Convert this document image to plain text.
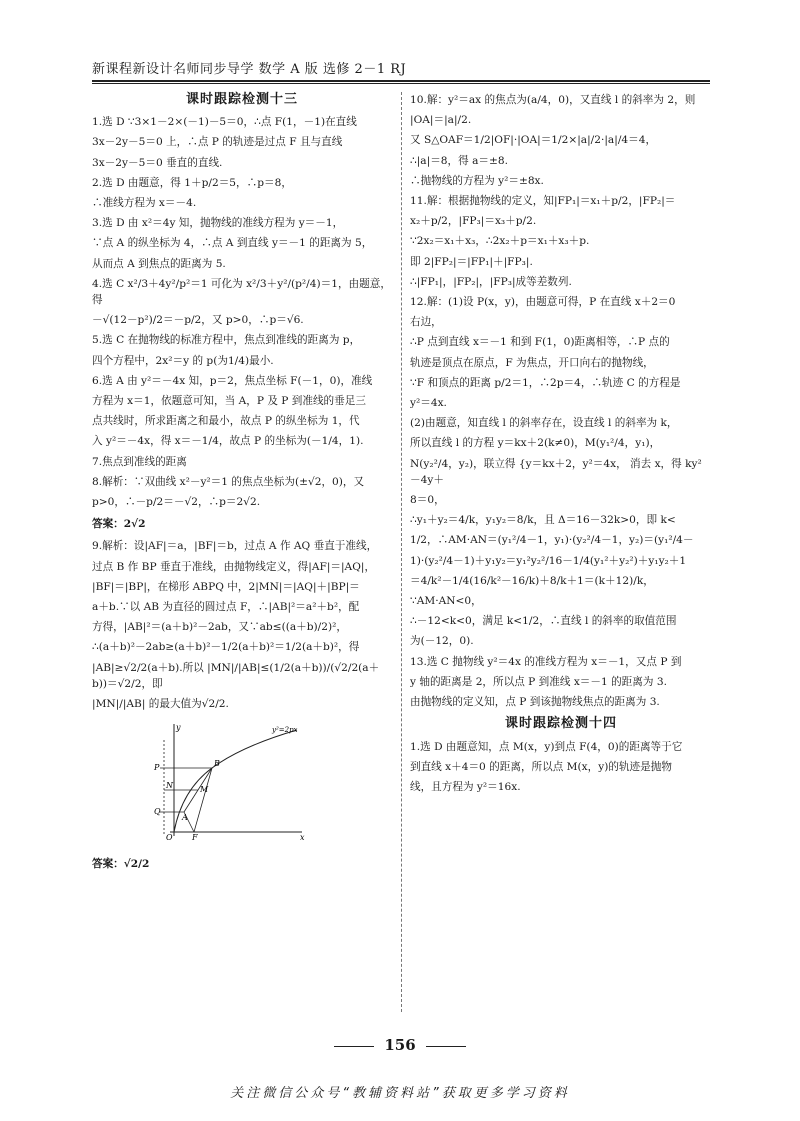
新课程新设计名师同步导学 数学 A 版 选修 2－1 RJ
课时跟踪检测十三
1.选 D ∵3×1－2×(－1)－5＝0，∴点 F(1，－1)在直线
3x－2y－5＝0 上，∴点 P 的轨迹是过点 F 且与直线
3x－2y－5＝0 垂直的直线.
2.选 D 由题意，得 1＋p/2＝5，∴p＝8，
∴准线方程为 x＝－4.
3.选 D 由 x²＝4y 知，抛物线的准线方程为 y＝－1，
∵点 A 的纵坐标为 4，∴点 A 到直线 y＝－1 的距离为 5，
从而点 A 到焦点的距离为 5.
4.选 C x²/3＋4y²/p²＝1 可化为 x²/3＋y²/(p²/4)＝1，由题意，得
－√(12－p²)/2＝－p/2，又 p>0，∴p＝√6.
5.选 C 在抛物线的标准方程中，焦点到准线的距离为 p，
四个方程中，2x²＝y 的 p(为1/4)最小.
6.选 A 由 y²＝－4x 知，p＝2，焦点坐标 F(－1，0)，准线
方程为 x＝1，依题意可知，当 A，P 及 P 到准线的垂足三
点共线时，所求距离之和最小，故点 P 的纵坐标为 1，代
入 y²＝－4x，得 x＝－1/4，故点 P 的坐标为(－1/4，1).
7.焦点到准线的距离
8.解析：∵双曲线 x²－y²＝1 的焦点坐标为(±√2，0)，又
p>0，∴－p/2＝－√2，∴p＝2√2.
答案：2√2
9.解析：设|AF|＝a，|BF|＝b，过点 A 作 AQ 垂直于准线，
过点 B 作 BP 垂直于准线，由抛物线定义，得|AF|＝|AQ|，
|BF|＝|BP|，在梯形 ABPQ 中，2|MN|＝|AQ|＋|BP|＝
a＋b.∵以 AB 为直径的圆过点 F，∴|AB|²＝a²＋b²，配
方得，|AB|²＝(a＋b)²－2ab，又∵ab≤((a＋b)/2)²，
∴(a＋b)²－2ab≥(a＋b)²－1/2(a＋b)²＝1/2(a＋b)²，得
|AB|≥√2/2(a＋b).所以 |MN|/|AB|≤(1/2(a＋b))/(√2/2(a＋b))＝√2/2，即
|MN|/|AB| 的最大值为√2/2.
y²=2px
y
P
Q
B
M
A
N
O F	x
答案：√2/2
10.解：y²＝ax 的焦点为(a/4，0)，又直线 l 的斜率为 2，则
|OA|＝|a|/2.
又 S△OAF＝1/2|OF|·|OA|＝1/2×|a|/2·|a|/4＝4，
∴|a|＝8，得 a＝±8.
∴抛物线的方程为 y²＝±8x.
11.解：根据抛物线的定义，知|FP₁|＝x₁＋p/2，|FP₂|＝
x₂＋p/2，|FP₃|＝x₃＋p/2.
∵2x₂＝x₁＋x₃，∴2x₂＋p＝x₁＋x₃＋p.
即 2|FP₂|＝|FP₁|＋|FP₃|.
∴|FP₁|，|FP₂|，|FP₃|成等差数列.
12.解：(1)设 P(x，y)，由题意可得，P 在直线 x＋2＝0
右边，
∴P 点到直线 x＝－1 和到 F(1，0)距离相等，∴P 点的
轨迹是顶点在原点，F 为焦点，开口向右的抛物线，
∵F 和顶点的距离 p/2＝1，∴2p＝4，∴轨迹 C 的方程是
y²＝4x.
(2)由题意，知直线 l 的斜率存在，设直线 l 的斜率为 k，
所以直线 l 的方程 y＝kx＋2(k≠0)，M(y₁²/4，y₁)，
N(y₂²/4，y₂)，联立得 {y＝kx＋2，y²＝4x， 消去 x，得 ky²－4y＋
8＝0，
∴y₁＋y₂＝4/k，y₁y₂＝8/k，且 Δ＝16－32k>0，即 k<
1/2，∴AM·AN＝(y₁²/4－1，y₁)·(y₂²/4－1，y₂)＝(y₁²/4－
1)·(y₂²/4－1)＋y₁y₂＝y₁²y₂²/16－1/4(y₁²＋y₂²)＋y₁y₂＋1
＝4/k²－1/4(16/k²－16/k)＋8/k＋1＝(k＋12)/k，
∵AM·AN<0，
∴－12<k<0，满足 k<1/2，∴直线 l 的斜率的取值范围
为(－12，0).
13.选 C 抛物线 y²＝4x 的准线方程为 x＝－1，又点 P 到
y 轴的距离是 2，所以点 P 到准线 x＝－1 的距离为 3.
由抛物线的定义知，点 P 到该抛物线焦点的距离为 3.
课时跟踪检测十四
1.选 D 由题意知，点 M(x，y)到点 F(4，0)的距离等于它
到直线 x＋4＝0 的距离，所以点 M(x，y)的轨迹是抛物
线，且方程为 y²＝16x.
156
关注微信公众号“教辅资料站”获取更多学习资料
